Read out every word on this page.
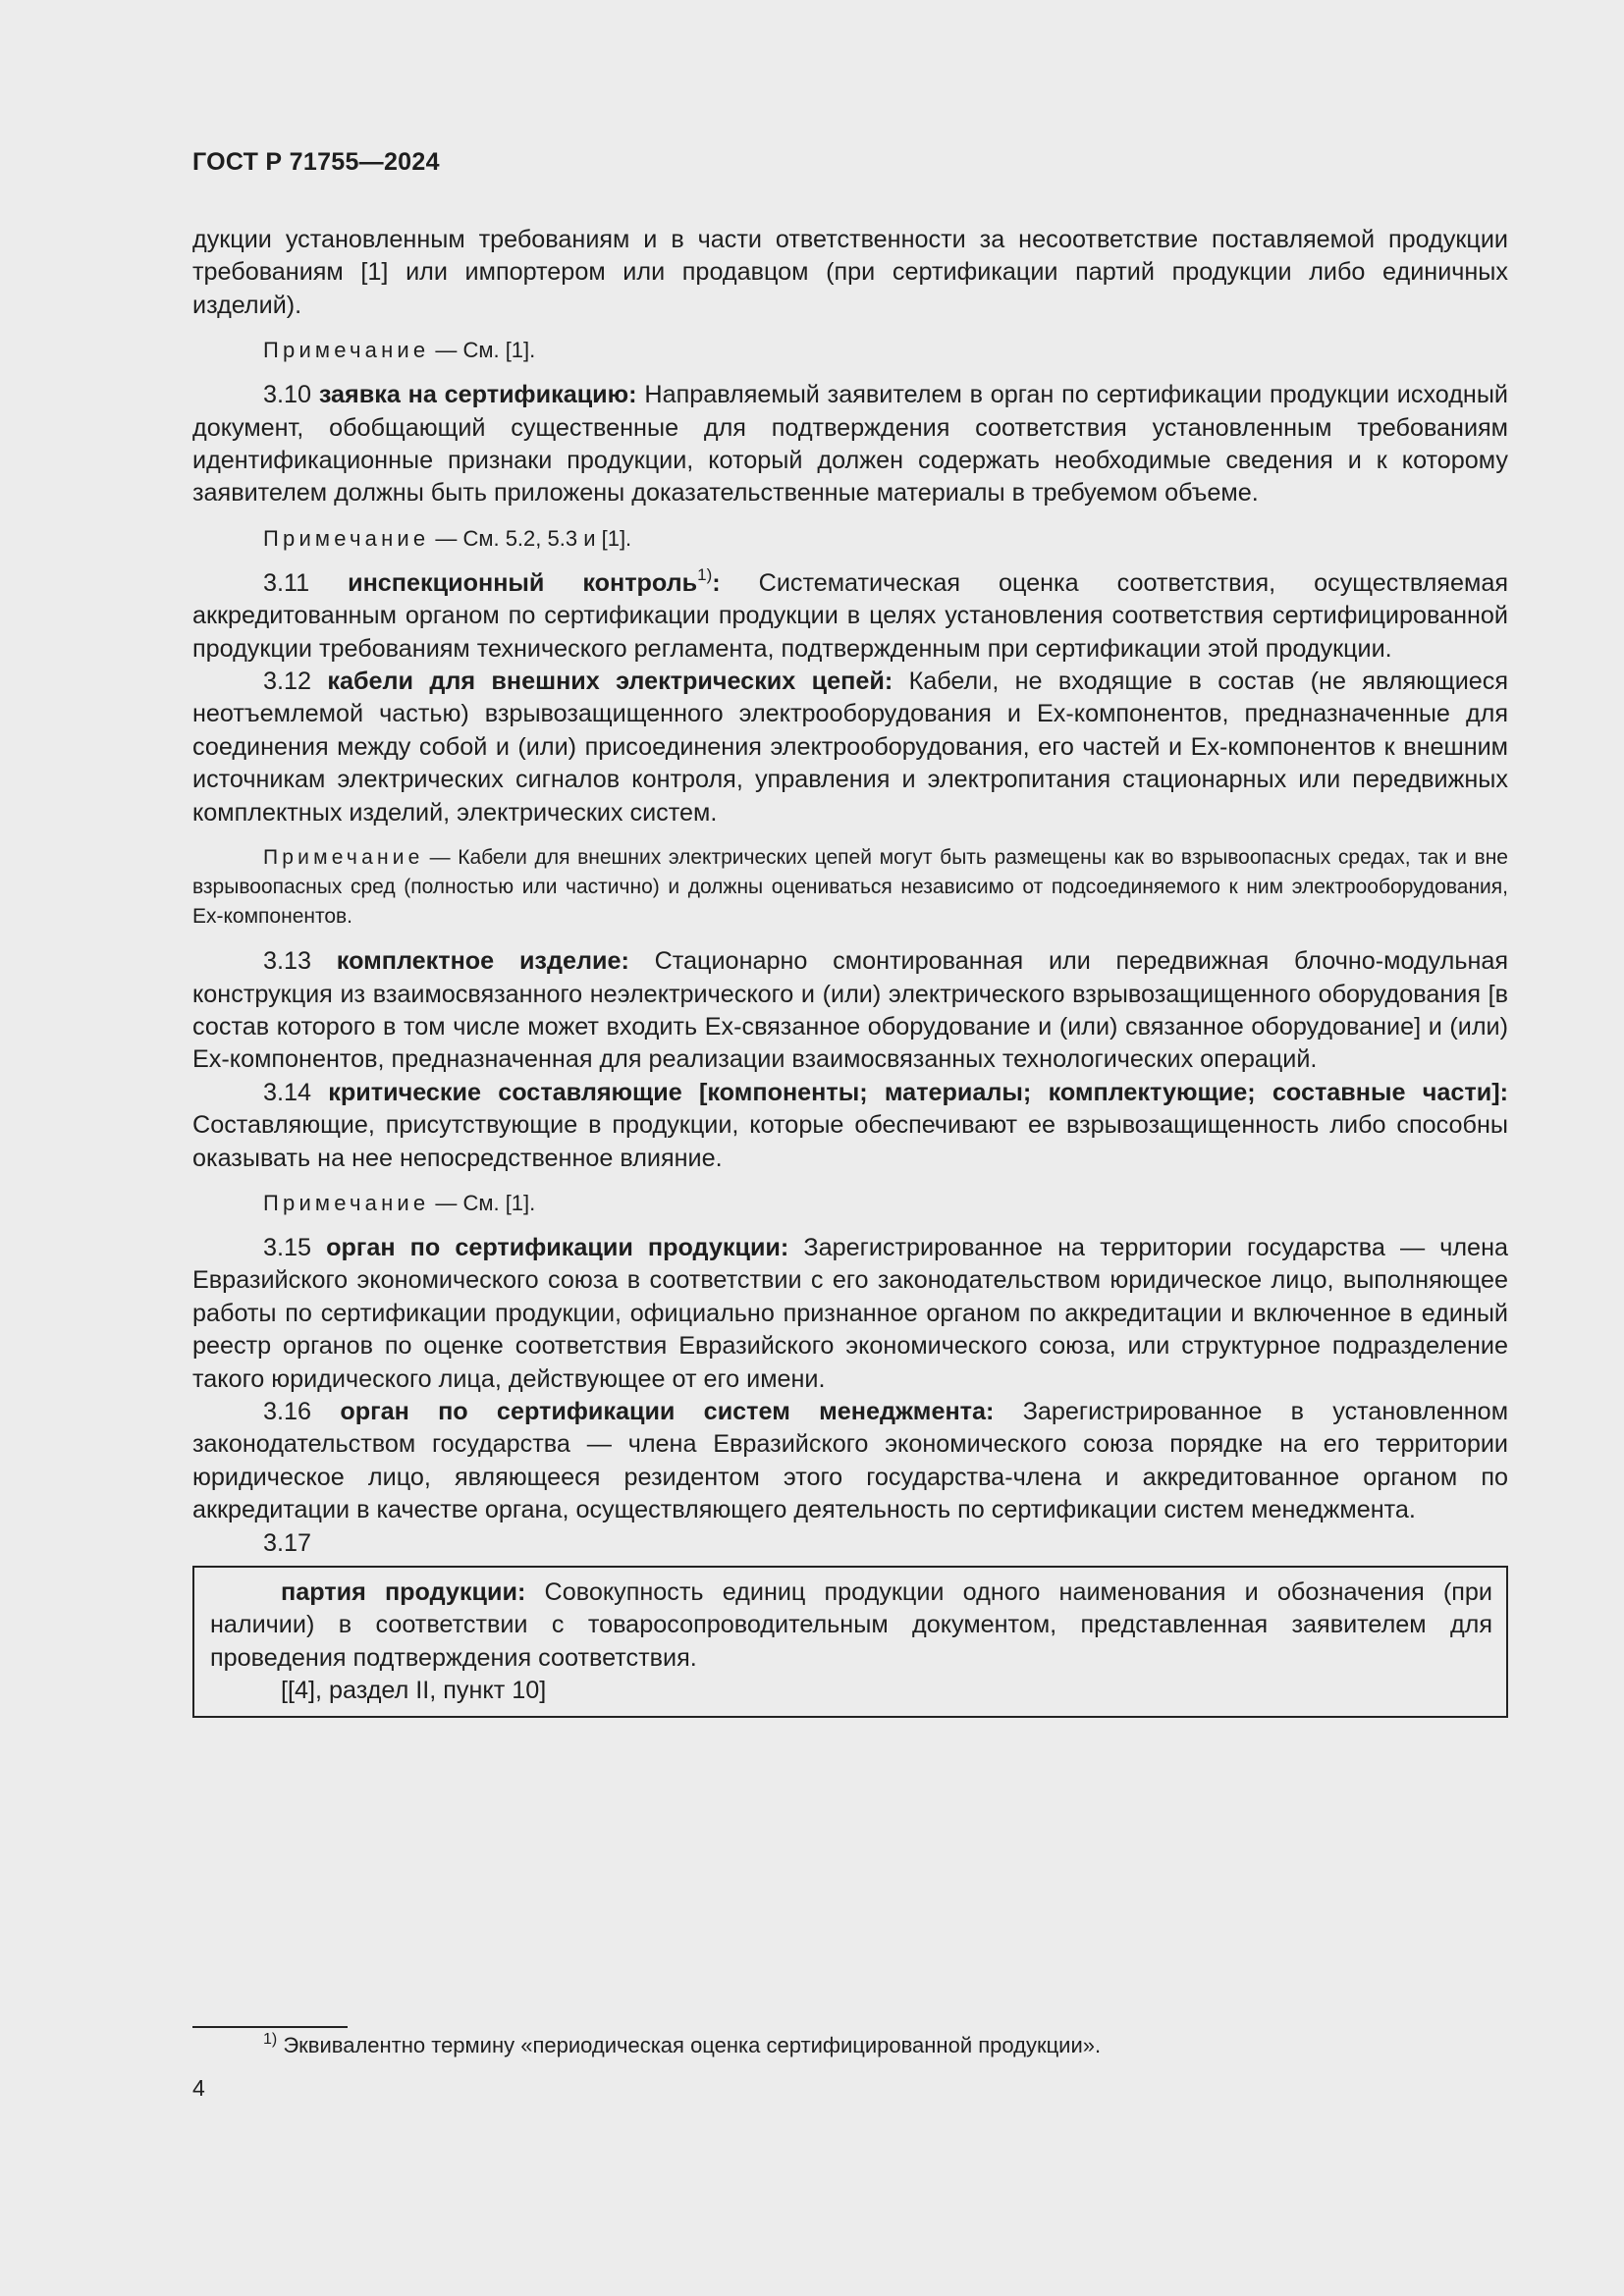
ГОСТ Р 71755—2024

дукции установленным требованиям и в части ответственности за несоответствие поставляемой продукции требованиям [1] или импортером или продавцом (при сертификации партий продукции либо единичных изделий).

Примечание — См. [1].

3.10 заявка на сертификацию: Направляемый заявителем в орган по сертификации продукции исходный документ, обобщающий существенные для подтверждения соответствия установленным требованиям идентификационные признаки продукции, который должен содержать необходимые сведения и к которому заявителем должны быть приложены доказательственные материалы в требуемом объеме.

Примечание — См. 5.2, 5.3 и [1].

3.11 инспекционный контроль$^{1)}$: Систематическая оценка соответствия, осуществляемая аккредитованным органом по сертификации продукции в целях установления соответствия сертифицированной продукции требованиям технического регламента, подтвержденным при сертификации этой продукции.

3.12 кабели для внешних электрических цепей: Кабели, не входящие в состав (не являющиеся неотъемлемой частью) взрывозащищенного электрооборудования и Ех-компонентов, предназначенные для соединения между собой и (или) присоединения электрооборудования, его частей и Ех-компонентов к внешним источникам электрических сигналов контроля, управления и электропитания стационарных или передвижных комплектных изделий, электрических систем.

Примечание — Кабели для внешних электрических цепей могут быть размещены как во взрывоопасных средах, так и вне взрывоопасных сред (полностью или частично) и должны оцениваться независимо от подсоединяемого к ним электрооборудования, Ех-компонентов.

3.13 комплектное изделие: Стационарно смонтированная или передвижная блочно-модульная конструкция из взаимосвязанного неэлектрического и (или) электрического взрывозащищенного оборудования [в состав которого в том числе может входить Ех-связанное оборудование и (или) связанное оборудование] и (или) Ех-компонентов, предназначенная для реализации взаимосвязанных технологических операций.

3.14 критические составляющие [компоненты; материалы; комплектующие; составные части]: Составляющие, присутствующие в продукции, которые обеспечивают ее взрывозащищенность либо способны оказывать на нее непосредственное влияние.

Примечание — См. [1].

3.15 орган по сертификации продукции: Зарегистрированное на территории государства — члена Евразийского экономического союза в соответствии с его законодательством юридическое лицо, выполняющее работы по сертификации продукции, официально признанное органом по аккредитации и включенное в единый реестр органов по оценке соответствия Евразийского экономического союза, или структурное подразделение такого юридического лица, действующее от его имени.

3.16 орган по сертификации систем менеджмента: Зарегистрированное в установленном законодательством государства — члена Евразийского экономического союза порядке на его территории юридическое лицо, являющееся резидентом этого государства-члена и аккредитованное органом по аккредитации в качестве органа, осуществляющего деятельность по сертификации систем менеджмента.

3.17

партия продукции: Совокупность единиц продукции одного наименования и обозначения (при наличии) в соответствии с товаросопроводительным документом, представленная заявителем для проведения подтверждения соответствия.

[[4], раздел II, пункт 10]

$^{1)}$ Эквивалентно термину «периодическая оценка сертифицированной продукции».
4
